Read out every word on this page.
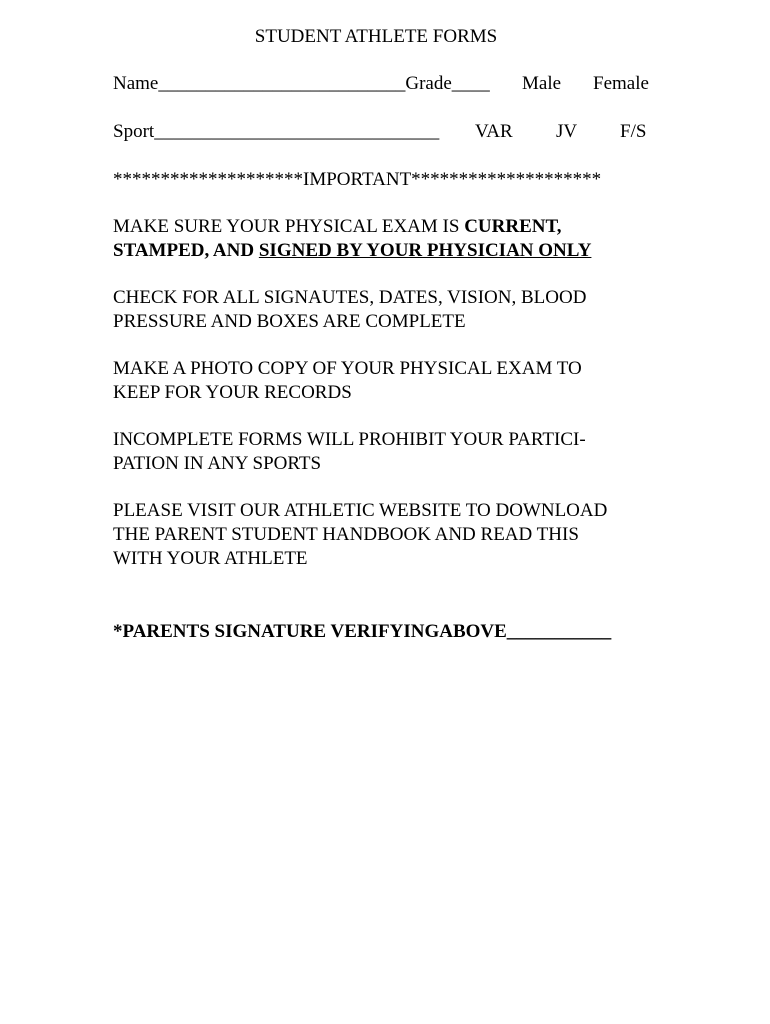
STUDENT ATHLETE FORMS
Name__________________________Grade____ Male Female
Sport______________________________ VAR JV F/S
********************IMPORTANT********************
MAKE SURE YOUR PHYSICAL EXAM IS CURRENT,
STAMPED, AND SIGNED BY YOUR PHYSICIAN ONLY
CHECK FOR ALL SIGNAUTES, DATES, VISION, BLOOD
PRESSURE AND BOXES ARE COMPLETE
MAKE A PHOTO COPY OF YOUR PHYSICAL EXAM TO
KEEP FOR YOUR RECORDS
INCOMPLETE FORMS WILL PROHIBIT YOUR PARTICI-
PATION IN ANY SPORTS
PLEASE VISIT OUR ATHLETIC WEBSITE TO DOWNLOAD
THE PARENT STUDENT HANDBOOK AND READ THIS
WITH YOUR ATHLETE
*PARENTS SIGNATURE VERIFYINGABOVE___________
